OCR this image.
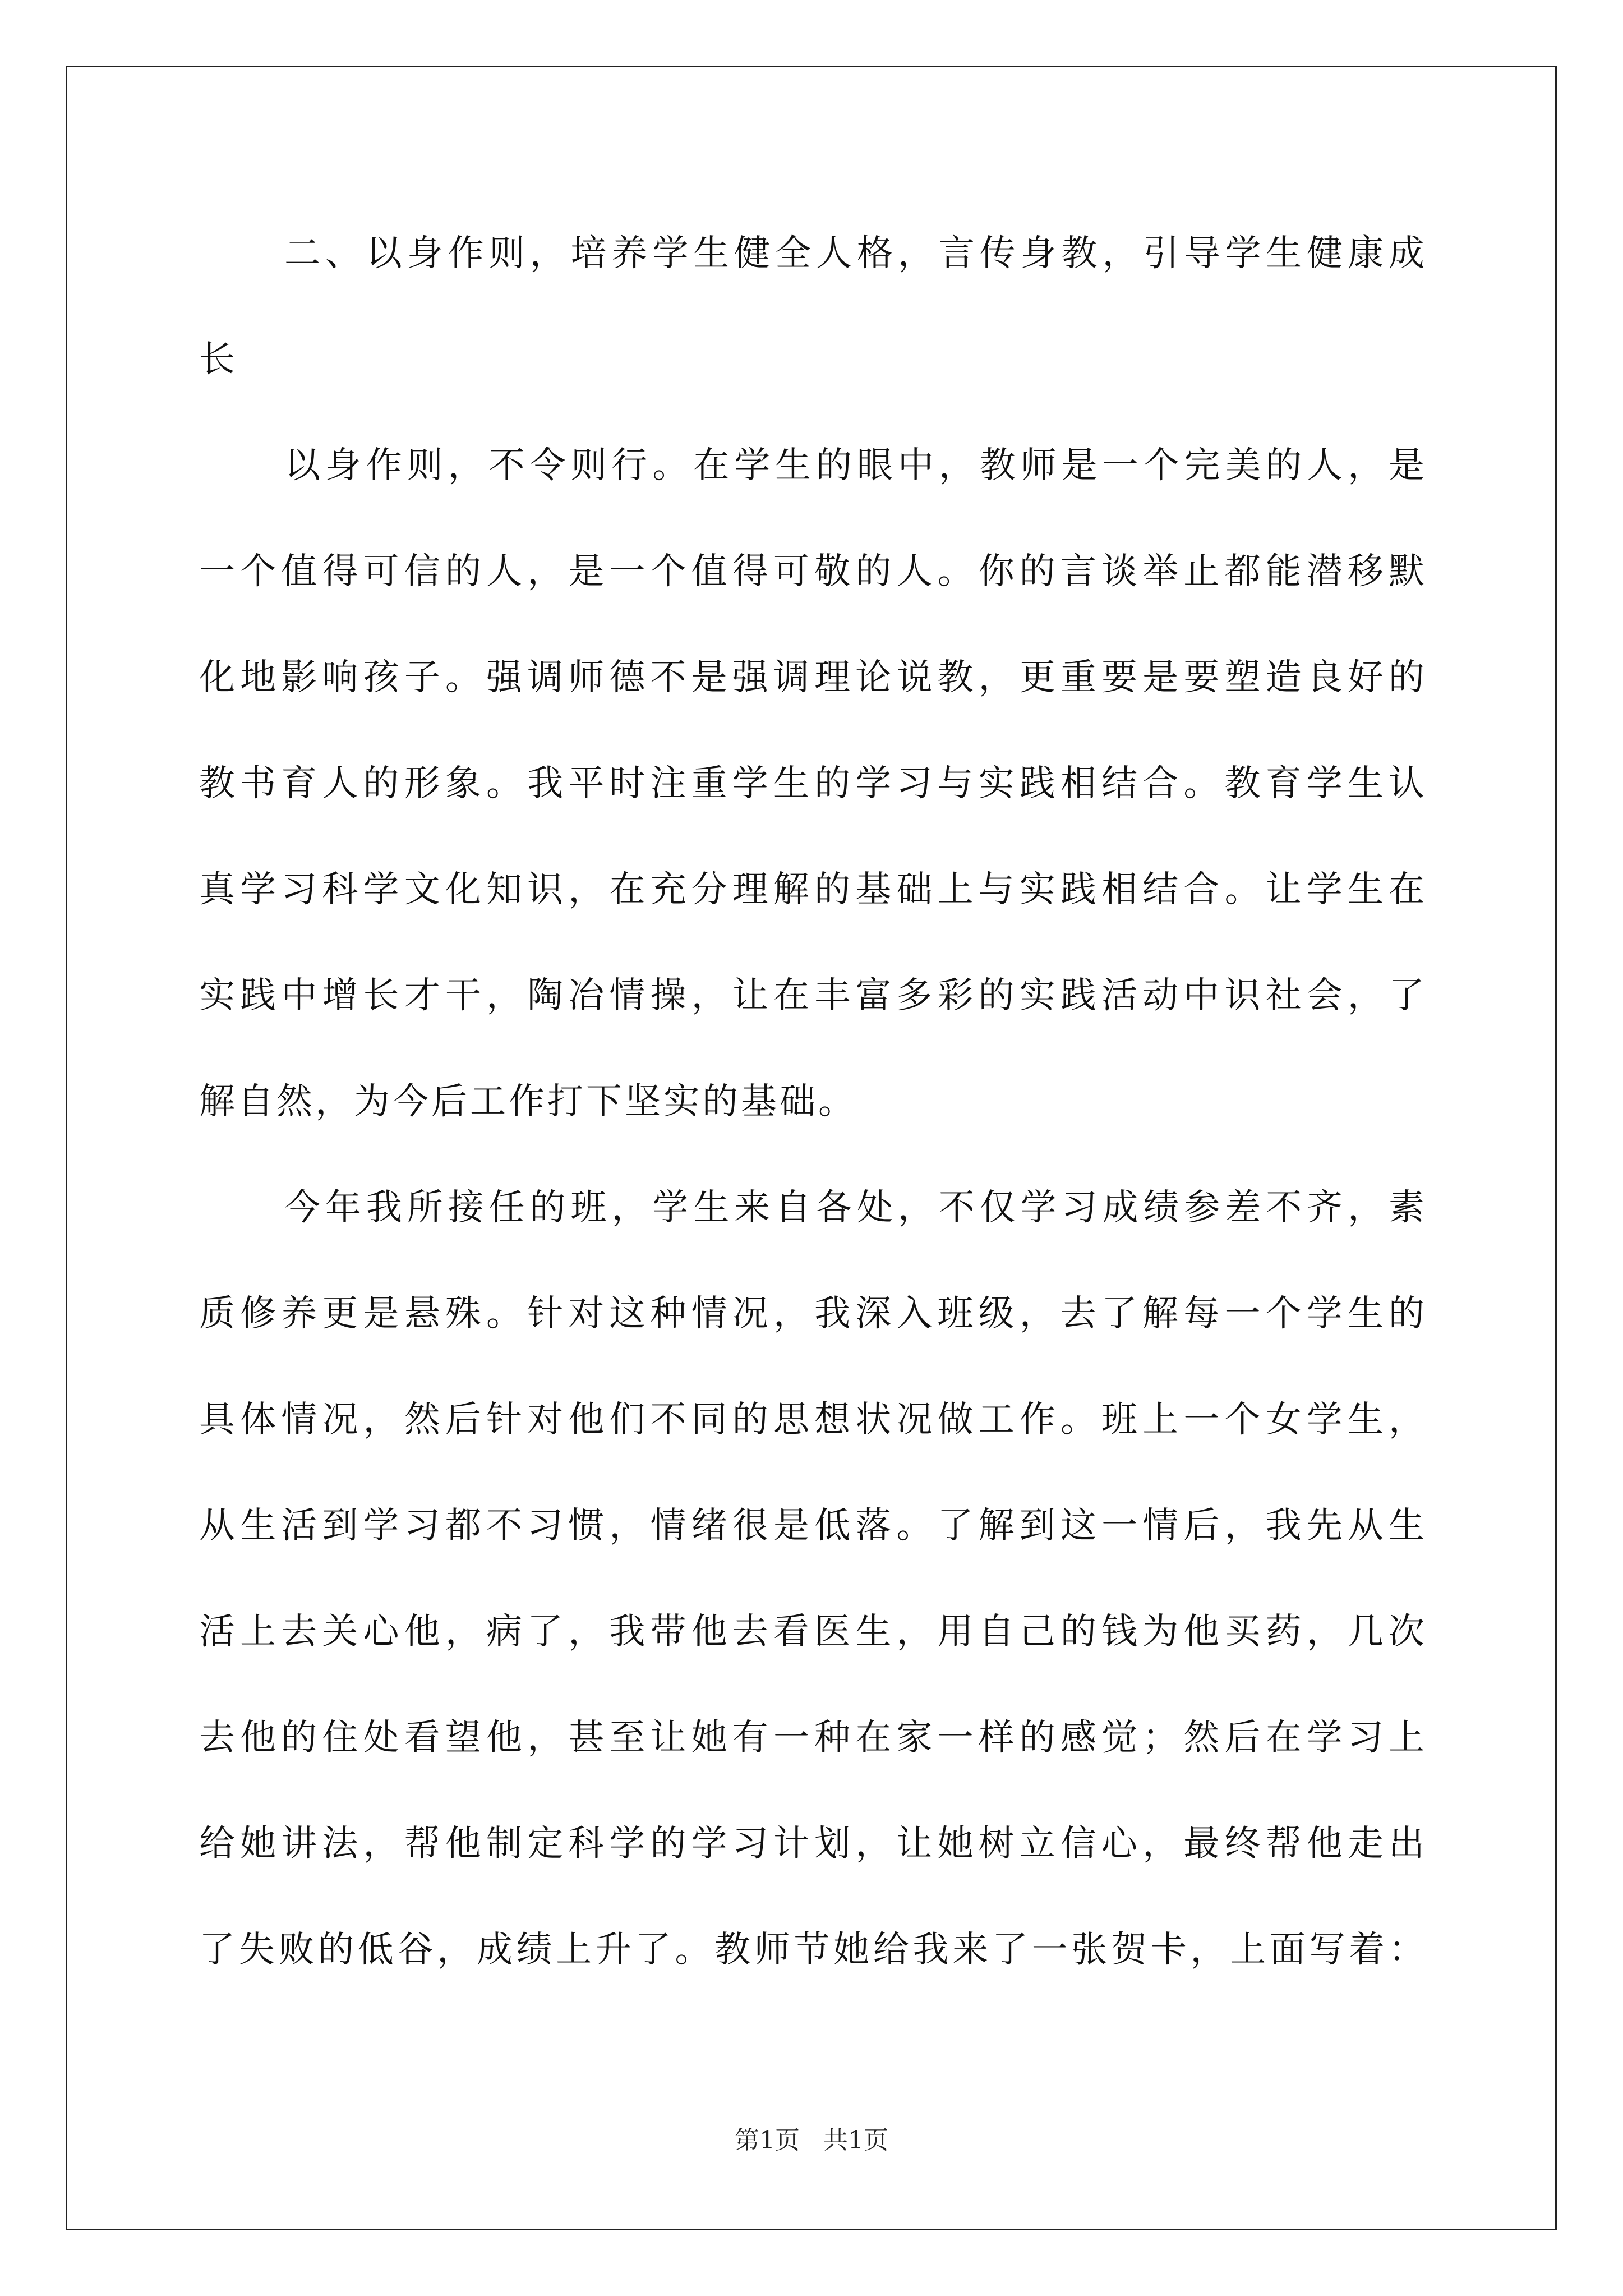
二、以身作则，培养学生健全人格，言传身教，引导学生健康成
长
以身作则，不令则行。在学生的眼中，教师是一个完美的人，是
一个值得可信的人，是一个值得可敬的人。你的言谈举止都能潜移默
化地影响孩子。强调师德不是强调理论说教，更重要是要塑造良好的
教书育人的形象。我平时注重学生的学习与实践相结合。教育学生认
真学习科学文化知识，在充分理解的基础上与实践相结合。让学生在
实践中增长才干，陶冶情操，让在丰富多彩的实践活动中识社会，了
解自然，为今后工作打下坚实的基础。
今年我所接任的班，学生来自各处，不仅学习成绩参差不齐，素
质修养更是悬殊。针对这种情况，我深入班级，去了解每一个学生的
具体情况，然后针对他们不同的思想状况做工作。班上一个女学生，
从生活到学习都不习惯，情绪很是低落。了解到这一情后，我先从生
活上去关心他，病了，我带他去看医生，用自己的钱为他买药，几次
去他的住处看望他，甚至让她有一种在家一样的感觉；然后在学习上
给她讲法，帮他制定科学的学习计划，让她树立信心，最终帮他走出
了失败的低谷，成绩上升了。教师节她给我来了一张贺卡，上面写着：
第1页 共1页
